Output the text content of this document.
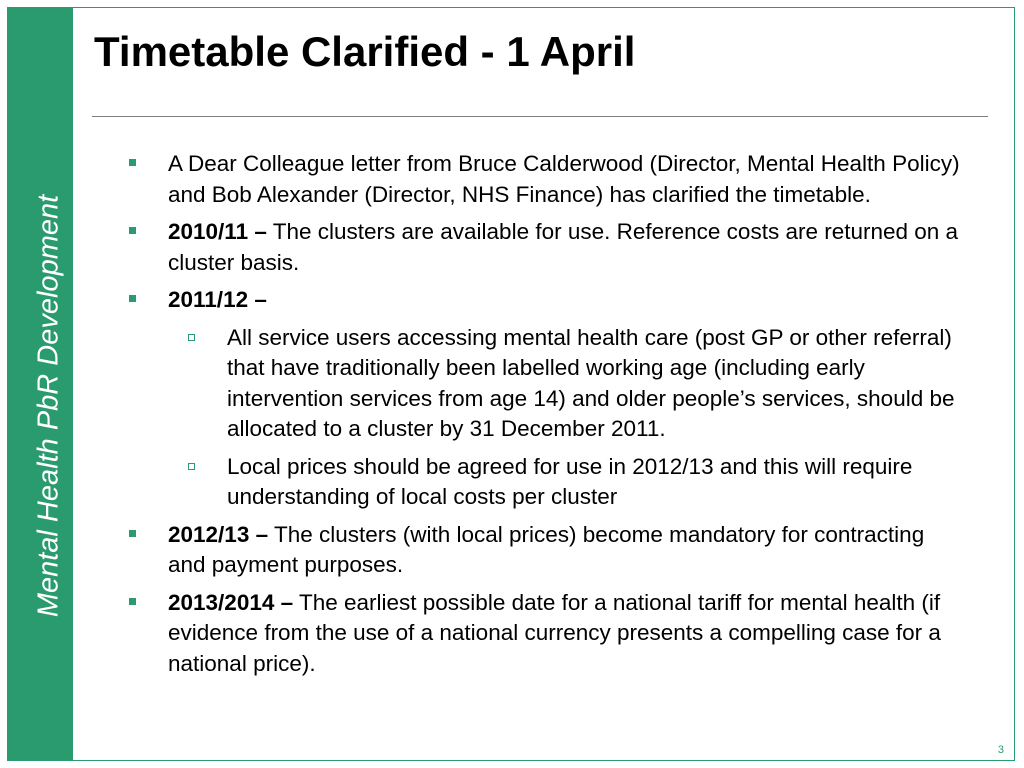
Mental Health PbR Development
Timetable Clarified - 1 April
A Dear Colleague letter from Bruce Calderwood (Director, Mental Health Policy) and Bob Alexander (Director, NHS Finance) has clarified the timetable.
2010/11 – The clusters are available for use. Reference costs are returned on a cluster basis.
2011/12 –
All service users accessing mental health care (post GP or other referral) that have traditionally been labelled working age (including early intervention services from age 14) and older people’s services, should be allocated to a cluster by 31 December 2011.
Local prices should be agreed for use in 2012/13 and this will require understanding of local costs per cluster
2012/13 – The clusters (with local prices) become mandatory for contracting and payment purposes.
2013/2014 – The earliest possible date for a national tariff for mental health (if evidence from the use of a national currency presents a compelling case for a national price).
3
